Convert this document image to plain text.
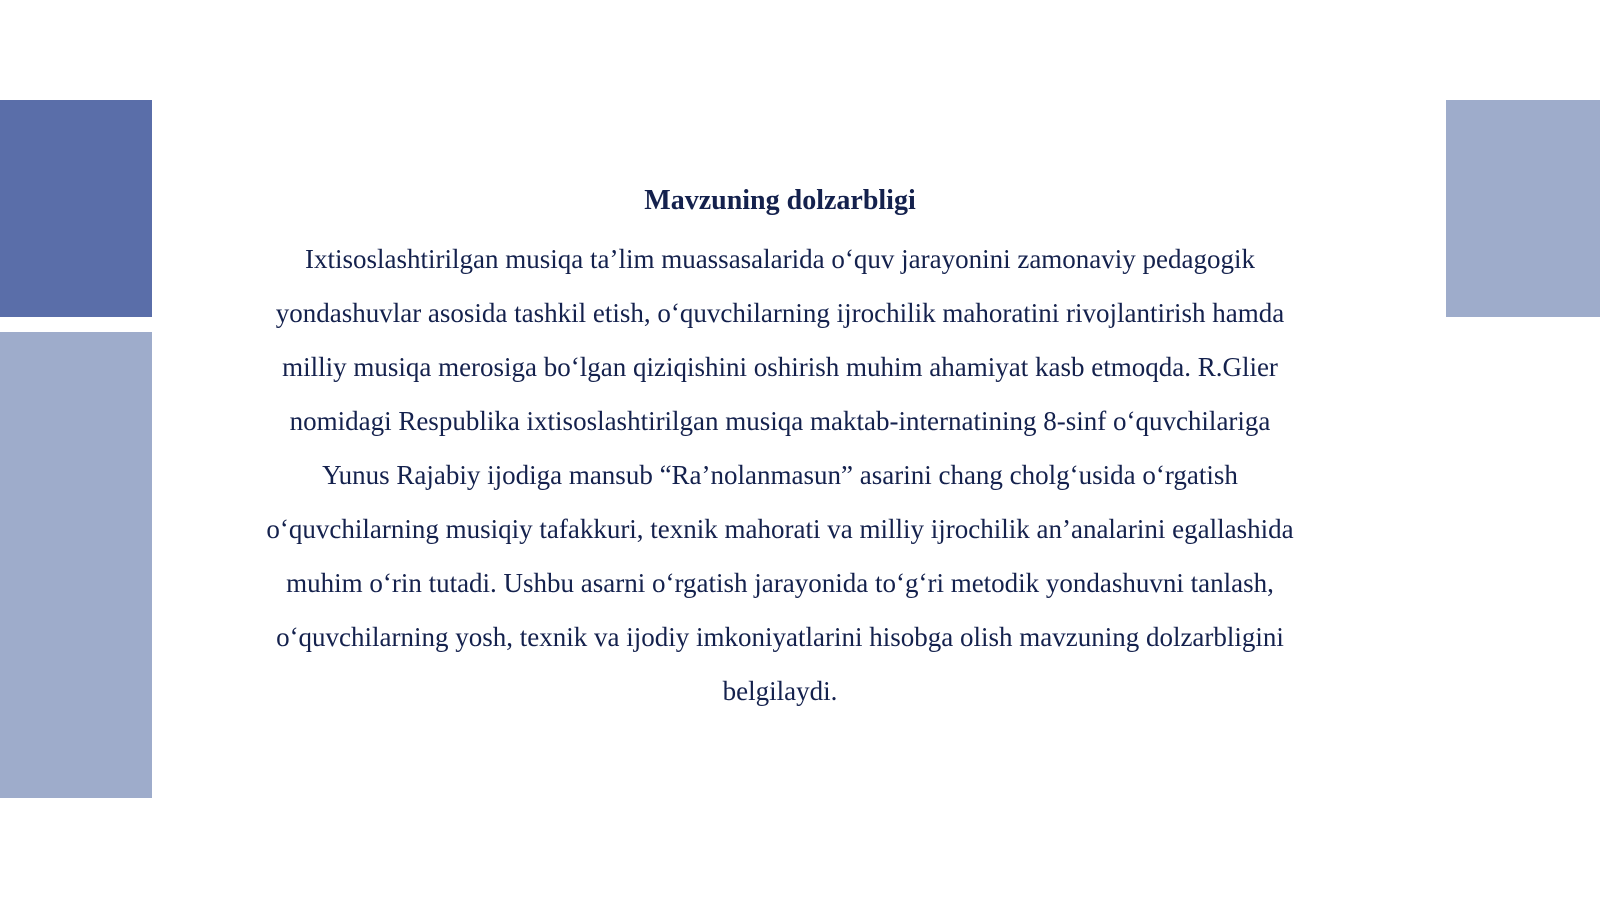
Mavzuning dolzarbligi

Ixtisoslashtirilgan musiqa ta’lim muassasalarida o‘quv jarayonini zamonaviy pedagogik
yondashuvlar asosida tashkil etish, o‘quvchilarning ijrochilik mahoratini rivojlantirish hamda
milliy musiqa merosiga bo‘lgan qiziqishini oshirish muhim ahamiyat kasb etmoqda. R.Glier
nomidagi Respublika ixtisoslashtirilgan musiqa maktab-internatining 8-sinf o‘quvchilariga
Yunus Rajabiy ijodiga mansub “Ra’nolanmasun” asarini chang cholg‘usida o‘rgatish
o‘quvchilarning musiqiy tafakkuri, texnik mahorati va milliy ijrochilik an’analarini egallashida
muhim o‘rin tutadi. Ushbu asarni o‘rgatish jarayonida to‘g‘ri metodik yondashuvni tanlash,
o‘quvchilarning yosh, texnik va ijodiy imkoniyatlarini hisobga olish mavzuning dolzarbligini
belgilaydi.
